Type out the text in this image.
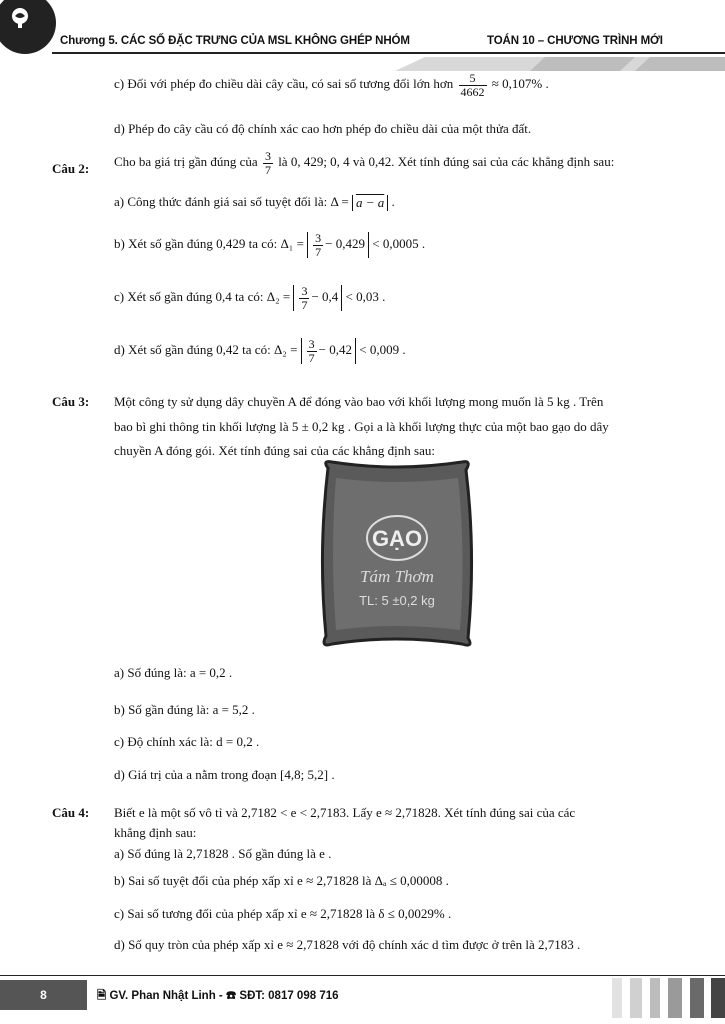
Chương 5. CÁC SỐ ĐẶC TRƯNG CỦA MSL KHÔNG GHÉP NHÓM	TOÁN 10 – CHƯƠNG TRÌNH MỚI
c) Đối với phép đo chiều dài cây cầu, có sai số tương đối lớn hơn $\frac{5}{4662} \approx 0,107\%$ .
d) Phép đo cây cầu có độ chính xác cao hơn phép đo chiều dài của một thửa đất.
Câu 2: Cho ba giá trị gần đúng của $\frac{3}{7}$ là 0, 429; 0, 4 và 0,42. Xét tính đúng sai của các khẳng định sau:
a) Công thức đánh giá sai số tuyệt đối là: Δ = a − a .
b) Xét số gần đúng 0,429 ta có: $\Delta_1 = \frac{3}{7} - 0,429 < 0,0005$ .
c) Xét số gần đúng 0,4 ta có: $\Delta_2 = \frac{3}{7} - 0,4 < 0,03$ .
d) Xét số gần đúng 0,42 ta có: $\Delta_2 = \frac{3}{7} - 0,42 < 0,009$ .
Câu 3: Một công ty sử dụng dây chuyền A để đóng vào bao với khối lượng mong muốn là 5 kg . Trên
bao bì ghi thông tin khối lượng là 5 ± 0,2 kg . Gọi a là khối lượng thực của một bao gạo do dây
chuyền A đóng gói. Xét tính đúng sai của các khẳng định sau:
GẠO
Tám Thơm
TL: 5 ±0,2 kg
a) Số đúng là: a = 0,2 .
b) Số gần đúng là: a = 5,2 .
c) Độ chính xác là: d = 0,2 .
d) Giá trị của a nằm trong đoạn [4,8; 5,2] .
Câu 4: Biết e là một số vô tỉ và 2,7182 < e < 2,7183. Lấy e ≈ 2,71828. Xét tính đúng sai của các
khẳng định sau:
a) Số đúng là 2,71828 . Số gần đúng là e .
b) Sai số tuyệt đối của phép xấp xỉ e ≈ 2,71828 là Δₐ ≤ 0,00008 .
c) Sai số tương đối của phép xấp xỉ e ≈ 2,71828 là δ ≤ 0,0029% .
d) Số quy tròn của phép xấp xỉ e ≈ 2,71828 với độ chính xác d tìm được ở trên là 2,7183 .
8	🗎 GV. Phan Nhật Linh - ☎ SĐT: 0817 098 716
